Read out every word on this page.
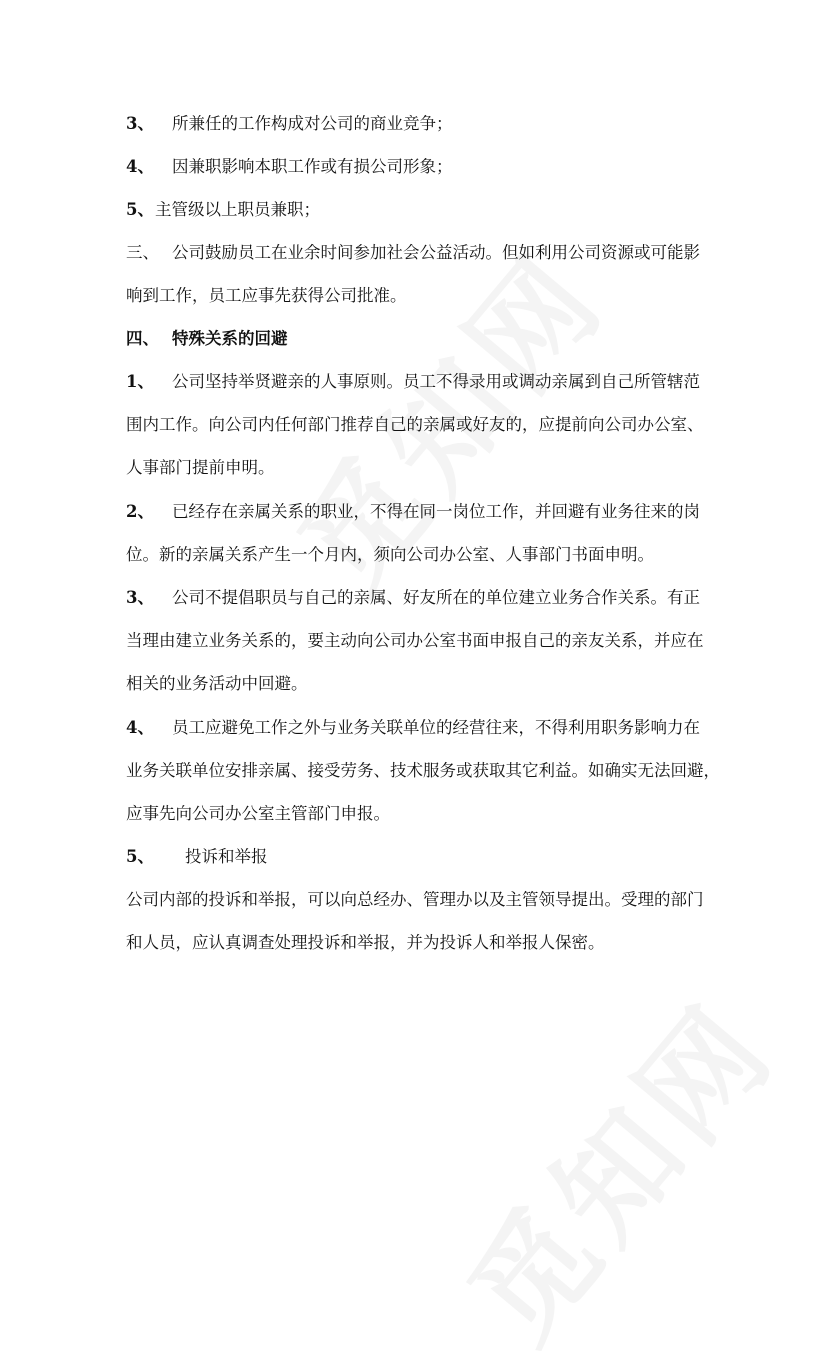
3、 所兼任的工作构成对公司的商业竞争；
4、 因兼职影响本职工作或有损公司形象；
5、主管级以上职员兼职；
三、 公司鼓励员工在业余时间参加社会公益活动。但如利用公司资源或可能影
响到工作，员工应事先获得公司批准。
四、 特殊关系的回避
1、 公司坚持举贤避亲的人事原则。员工不得录用或调动亲属到自己所管辖范
围内工作。向公司内任何部门推荐自己的亲属或好友的，应提前向公司办公室、
人事部门提前申明。
2、 已经存在亲属关系的职业，不得在同一岗位工作，并回避有业务往来的岗
位。新的亲属关系产生一个月内，须向公司办公室、人事部门书面申明。
3、 公司不提倡职员与自己的亲属、好友所在的单位建立业务合作关系。有正
当理由建立业务关系的，要主动向公司办公室书面申报自己的亲友关系，并应在
相关的业务活动中回避。
4、 员工应避免工作之外与业务关联单位的经营往来，不得利用职务影响力在
业务关联单位安排亲属、接受劳务、技术服务或获取其它利益。如确实无法回避，
应事先向公司办公室主管部门申报。
5、 投诉和举报
公司内部的投诉和举报，可以向总经办、管理办以及主管领导提出。受理的部门
和人员，应认真调查处理投诉和举报，并为投诉人和举报人保密。
